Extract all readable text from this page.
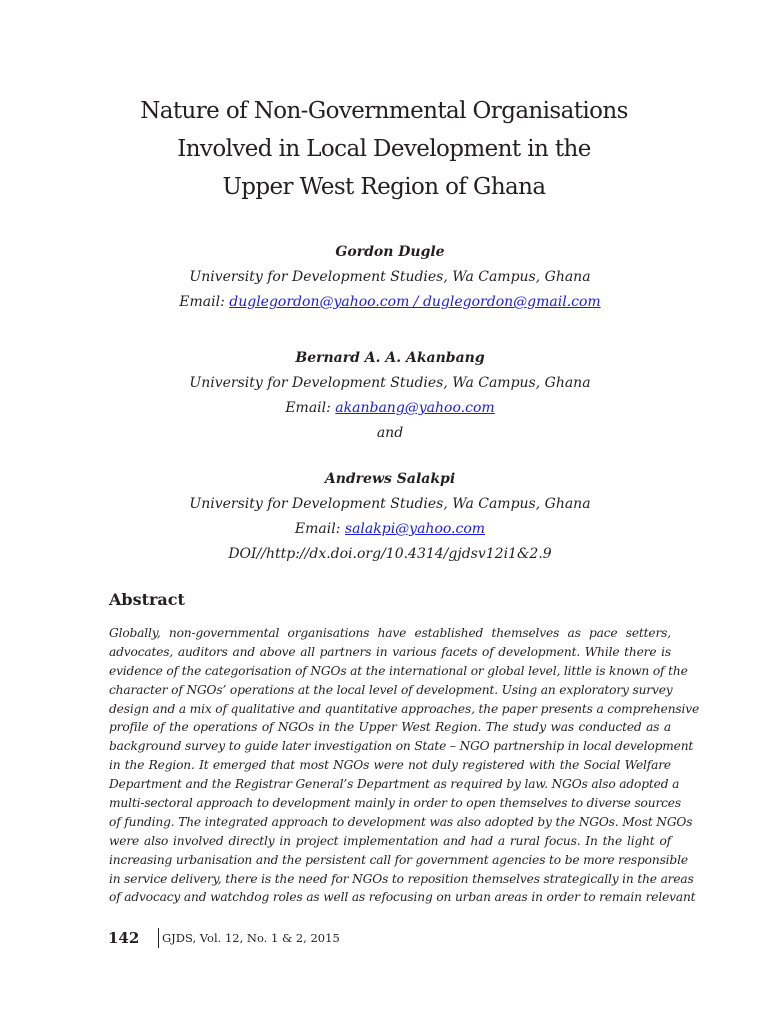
Nature of Non-Governmental Organisations
Involved in Local Development in the
Upper West Region of Ghana
Gordon Dugle
University for Development Studies, Wa Campus, Ghana
Email: duglegordon@yahoo.com / duglegordon@gmail.com
Bernard A. A. Akanbang
University for Development Studies, Wa Campus, Ghana
Email: akanbang@yahoo.com
and
Andrews Salakpi
University for Development Studies, Wa Campus, Ghana
Email: salakpi@yahoo.com
DOI//http://dx.doi.org/10.4314/gjdsv12i1&2.9
Abstract
Globally, non-governmental organisations have established themselves as pace setters,
advocates, auditors and above all partners in various facets of development. While there is
evidence of the categorisation of NGOs at the international or global level, little is known of the
character of NGOs’ operations at the local level of development. Using an exploratory survey
design and a mix of qualitative and quantitative approaches, the paper presents a comprehensive
profile of the operations of NGOs in the Upper West Region. The study was conducted as a
background survey to guide later investigation on State – NGO partnership in local development
in the Region. It emerged that most NGOs were not duly registered with the Social Welfare
Department and the Registrar General’s Department as required by law. NGOs also adopted a
multi-sectoral approach to development mainly in order to open themselves to diverse sources
of funding. The integrated approach to development was also adopted by the NGOs. Most NGOs
were also involved directly in project implementation and had a rural focus. In the light of
increasing urbanisation and the persistent call for government agencies to be more responsible
in service delivery, there is the need for NGOs to reposition themselves strategically in the areas
of advocacy and watchdog roles as well as refocusing on urban areas in order to remain relevant
142	GJDS, Vol. 12, No. 1 & 2, 2015
